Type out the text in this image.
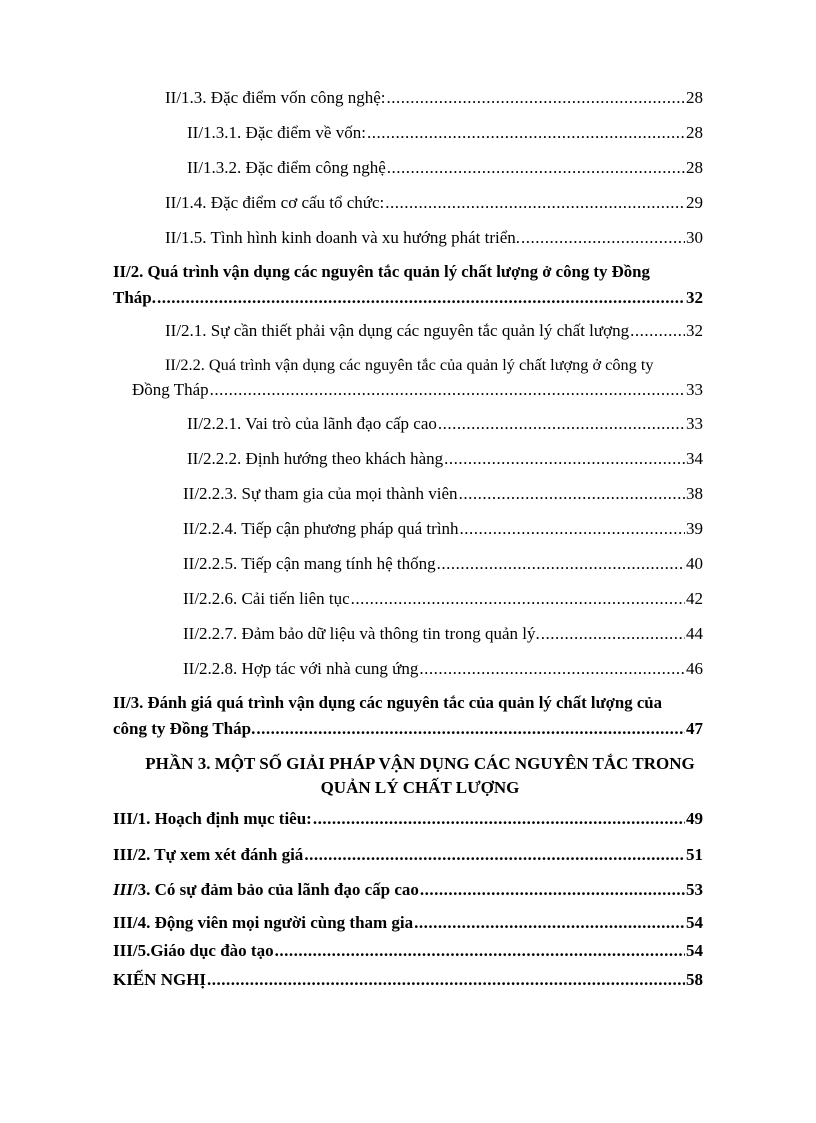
II/1.3. Đặc điểm vốn công nghệ: .....	28
II/1.3.1. Đặc điểm về vốn: .....	28
II/1.3.2. Đặc điểm công nghệ .....	28
II/1.4. Đặc điểm cơ cấu tổ chức: .....	29
II/1.5. Tình hình kinh doanh và xu hướng phát triển. .....	30
II/2. Quá trình vận dụng các nguyên tắc quản lý chất lượng ở công ty Đồng
Tháp. .....	32
II/2.1. Sự cần thiết phải vận dụng các nguyên tắc quản lý chất lượng .....	32
II/2.2. Quá trình vận dụng các nguyên tắc của quản lý chất lượng ở công ty
Đồng Tháp .....	33
II/2.2.1. Vai trò của lãnh đạo cấp cao .....	33
II/2.2.2. Định hướng theo khách hàng .....	34
II/2.2.3. Sự tham gia của mọi thành viên .....	38
II/2.2.4. Tiếp cận phương pháp quá trình .....	39
II/2.2.5. Tiếp cận mang tính hệ thống .....	40
II/2.2.6. Cải tiến liên tục .....	42
II/2.2.7. Đảm bảo dữ liệu và thông tin trong quản lý. .....	44
II/2.2.8. Hợp tác với nhà cung ứng .....	46
II/3. Đánh giá quá trình vận dụng các nguyên tắc của quản lý chất lượng của
công ty Đồng Tháp. .....	47
PHẦN 3. MỘT SỐ GIẢI PHÁP VẬN DỤNG CÁC NGUYÊN TẮC TRONG
QUẢN LÝ CHẤT LƯỢNG
III/1. Hoạch định mục tiêu: .....	49
III/2. Tự xem xét đánh giá .....	51
III/3. Có sự đảm bảo của lãnh đạo cấp cao .....	53
III/4. Động viên mọi người cùng tham gia .....	54
III/5.Giáo dục đào tạo .....	54
KIẾN NGHỊ .....	58
